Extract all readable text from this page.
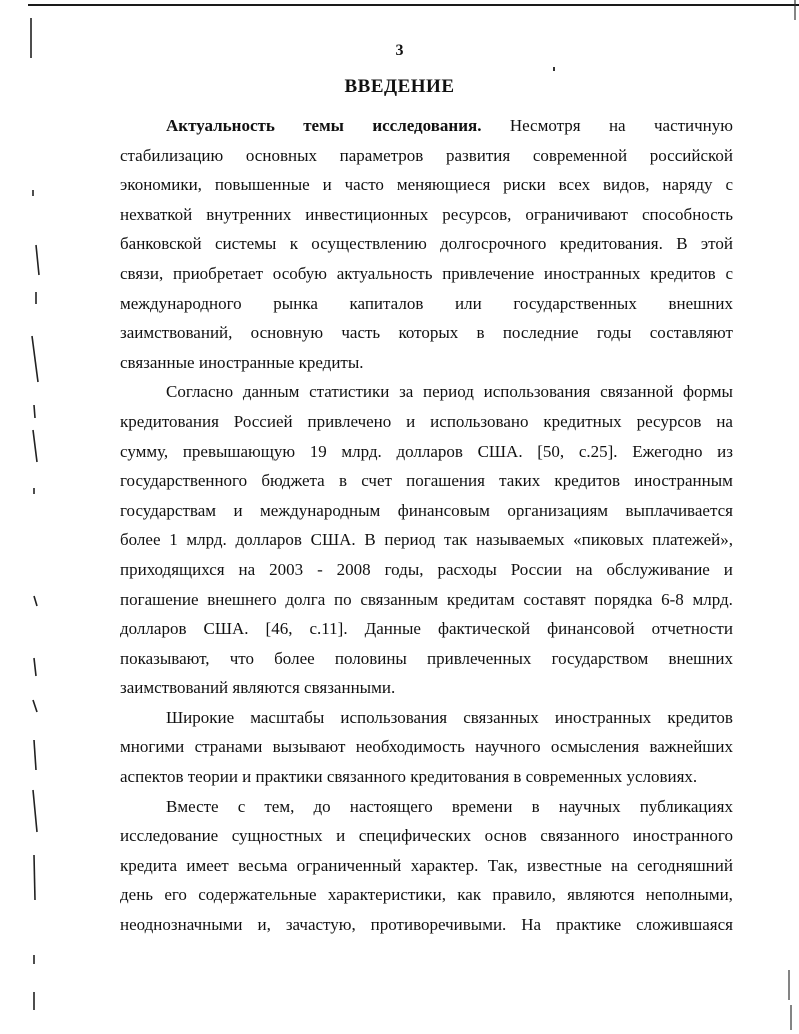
3
ВВЕДЕНИЕ
Актуальность темы исследования. Несмотря на частичную
стабилизацию основных параметров развития современной российской
экономики, повышенные и часто меняющиеся риски всех видов, наряду с
нехваткой внутренних инвестиционных ресурсов, ограничивают способность
банковской системы к осуществлению долгосрочного кредитования. В этой
связи, приобретает особую актуальность привлечение иностранных кредитов с
международного рынка капиталов или государственных внешних
заимствований, основную часть которых в последние годы составляют
связанные иностранные кредиты.
Согласно данным статистики за период использования связанной формы
кредитования Россией привлечено и использовано кредитных ресурсов на
сумму, превышающую 19 млрд. долларов США. [50, с.25]. Ежегодно из
государственного бюджета в счет погашения таких кредитов иностранным
государствам и международным финансовым организациям выплачивается
более 1 млрд. долларов США. В период так называемых «пиковых платежей»,
приходящихся на 2003 - 2008 годы, расходы России на обслуживание и
погашение внешнего долга по связанным кредитам составят порядка 6-8 млрд.
долларов США. [46, с.11]. Данные фактической финансовой отчетности
показывают, что более половины привлеченных государством внешних
заимствований являются связанными.
Широкие масштабы использования связанных иностранных кредитов
многими странами вызывают необходимость научного осмысления важнейших
аспектов теории и практики связанного кредитования в современных условиях.
Вместе с тем, до настоящего времени в научных публикациях
исследование сущностных и специфических основ связанного иностранного
кредита имеет весьма ограниченный характер. Так, известные на сегодняшний
день его содержательные характеристики, как правило, являются неполными,
неоднозначными и, зачастую, противоречивыми. На практике сложившаяся
